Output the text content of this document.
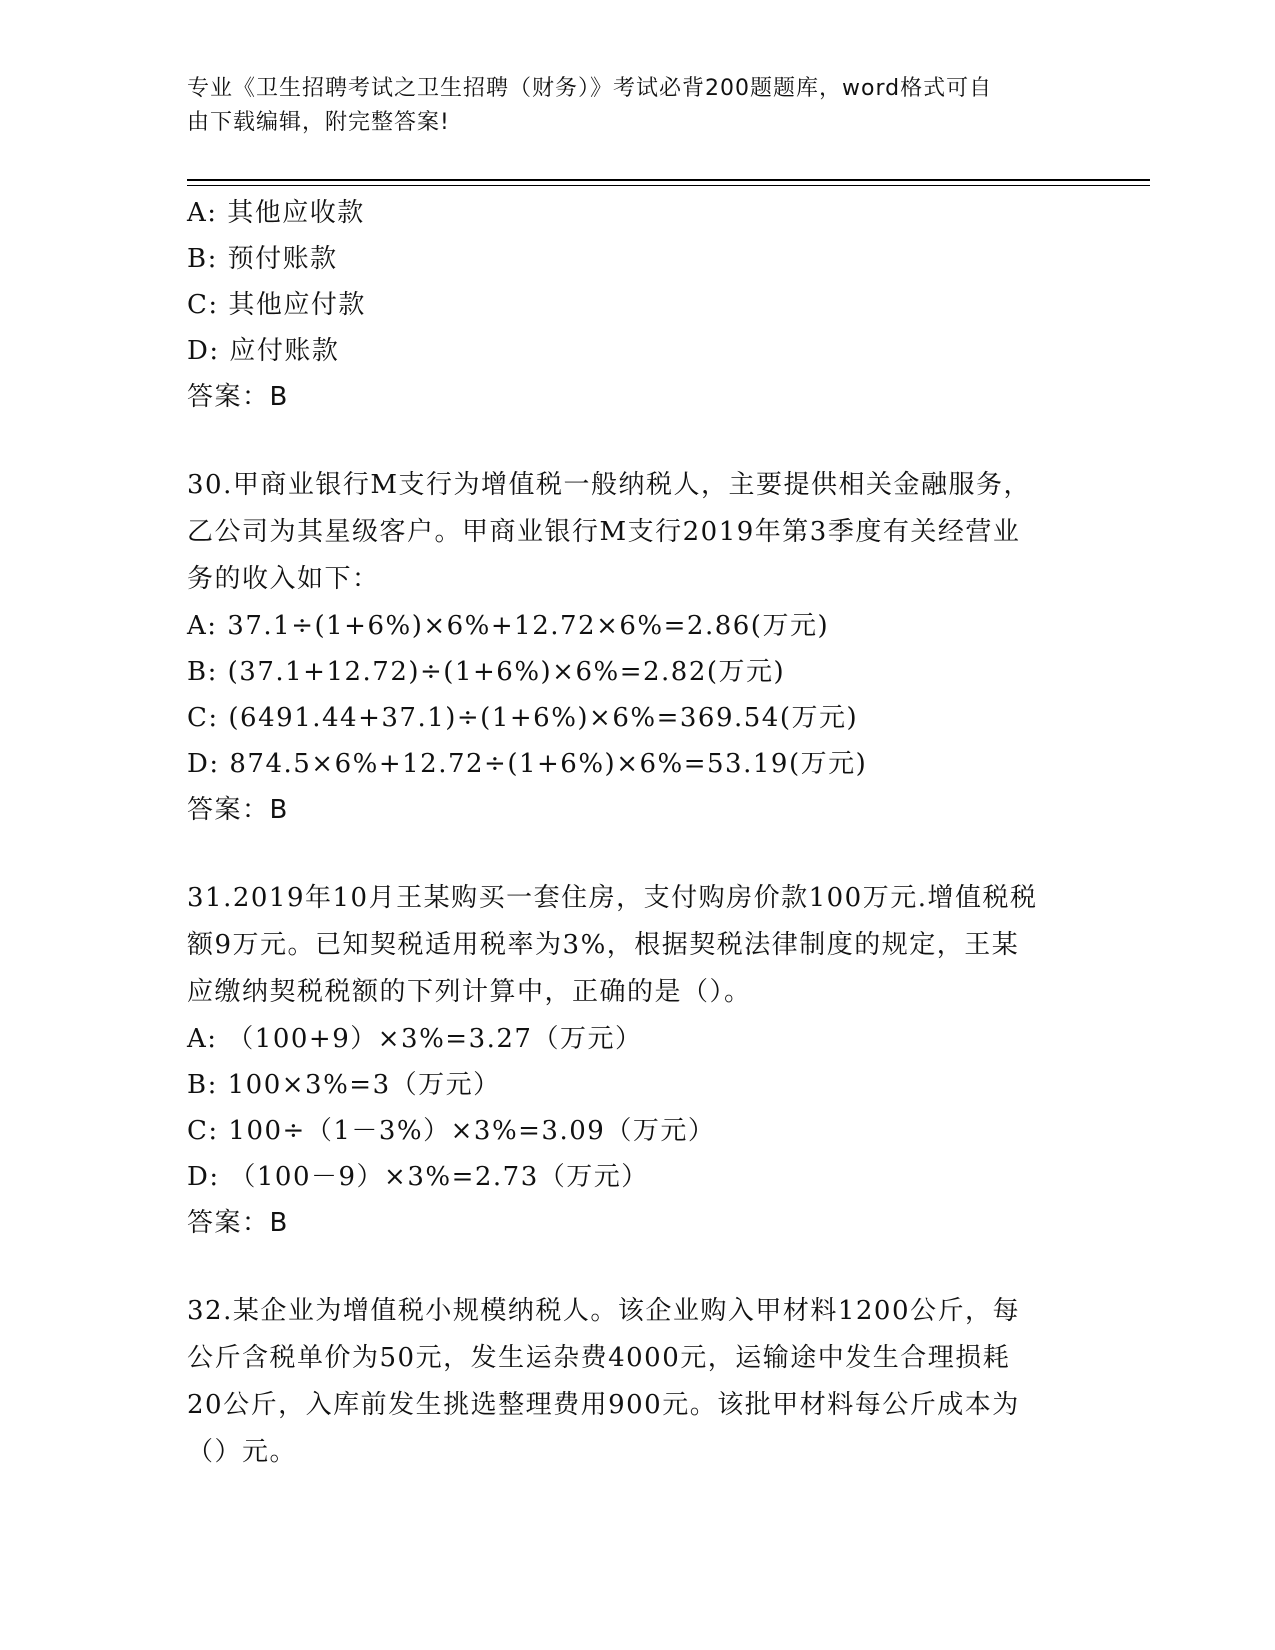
专业《卫生招聘考试之卫生招聘（财务）》考试必背200题题库，word格式可自
由下载编辑，附完整答案!
A: 其他应收款
B: 预付账款
C: 其他应付款
D: 应付账款
答案：B
30.甲商业银行M支行为增值税一般纳税人，主要提供相关金融服务，
乙公司为其星级客户。甲商业银行M支行2019年第3季度有关经营业
务的收入如下：
A: 37.1÷(1+6%)×6%+12.72×6%=2.86(万元)
B: (37.1+12.72)÷(1+6%)×6%=2.82(万元)
C: (6491.44+37.1)÷(1+6%)×6%=369.54(万元)
D: 874.5×6%+12.72÷(1+6%)×6%=53.19(万元)
答案：B
31.2019年10月王某购买一套住房，支付购房价款100万元.增值税税
额9万元。已知契税适用税率为3%，根据契税法律制度的规定，王某
应缴纳契税税额的下列计算中，正确的是（）。
A: （100+9）×3%=3.27（万元）
B: 100×3%=3（万元）
C: 100÷（1－3%）×3%=3.09（万元）
D: （100－9）×3%=2.73（万元）
答案：B
32.某企业为增值税小规模纳税人。该企业购入甲材料1200公斤，每
公斤含税单价为50元，发生运杂费4000元，运输途中发生合理损耗
20公斤，入库前发生挑选整理费用900元。该批甲材料每公斤成本为
（）元。
